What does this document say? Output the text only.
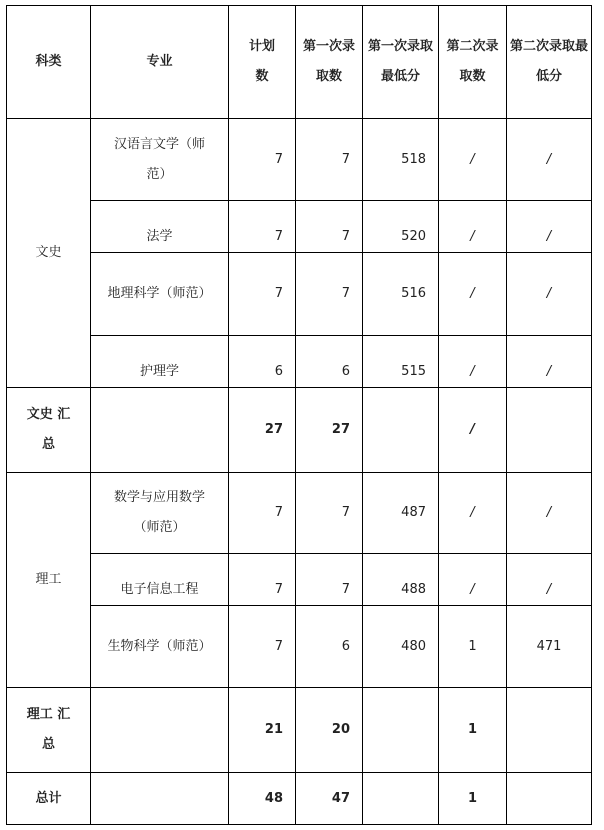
科类	专业	计划数	第一次录取数	第一次录取最低分	第二次录取数	第二次录取最低分
文史	汉语言文学（师范）	7	7	518	/	/
	法学	7	7	520	/	/
	地理科学（师范）	7	7	516	/	/
	护理学	6	6	515	/	/
文史 汇总		27	27		/	
理工	数学与应用数学（师范）	7	7	487	/	/
	电子信息工程	7	7	488	/	/
	生物科学（师范）	7	6	480	1	471
理工 汇总		21	20		1	
总计		48	47		1	
